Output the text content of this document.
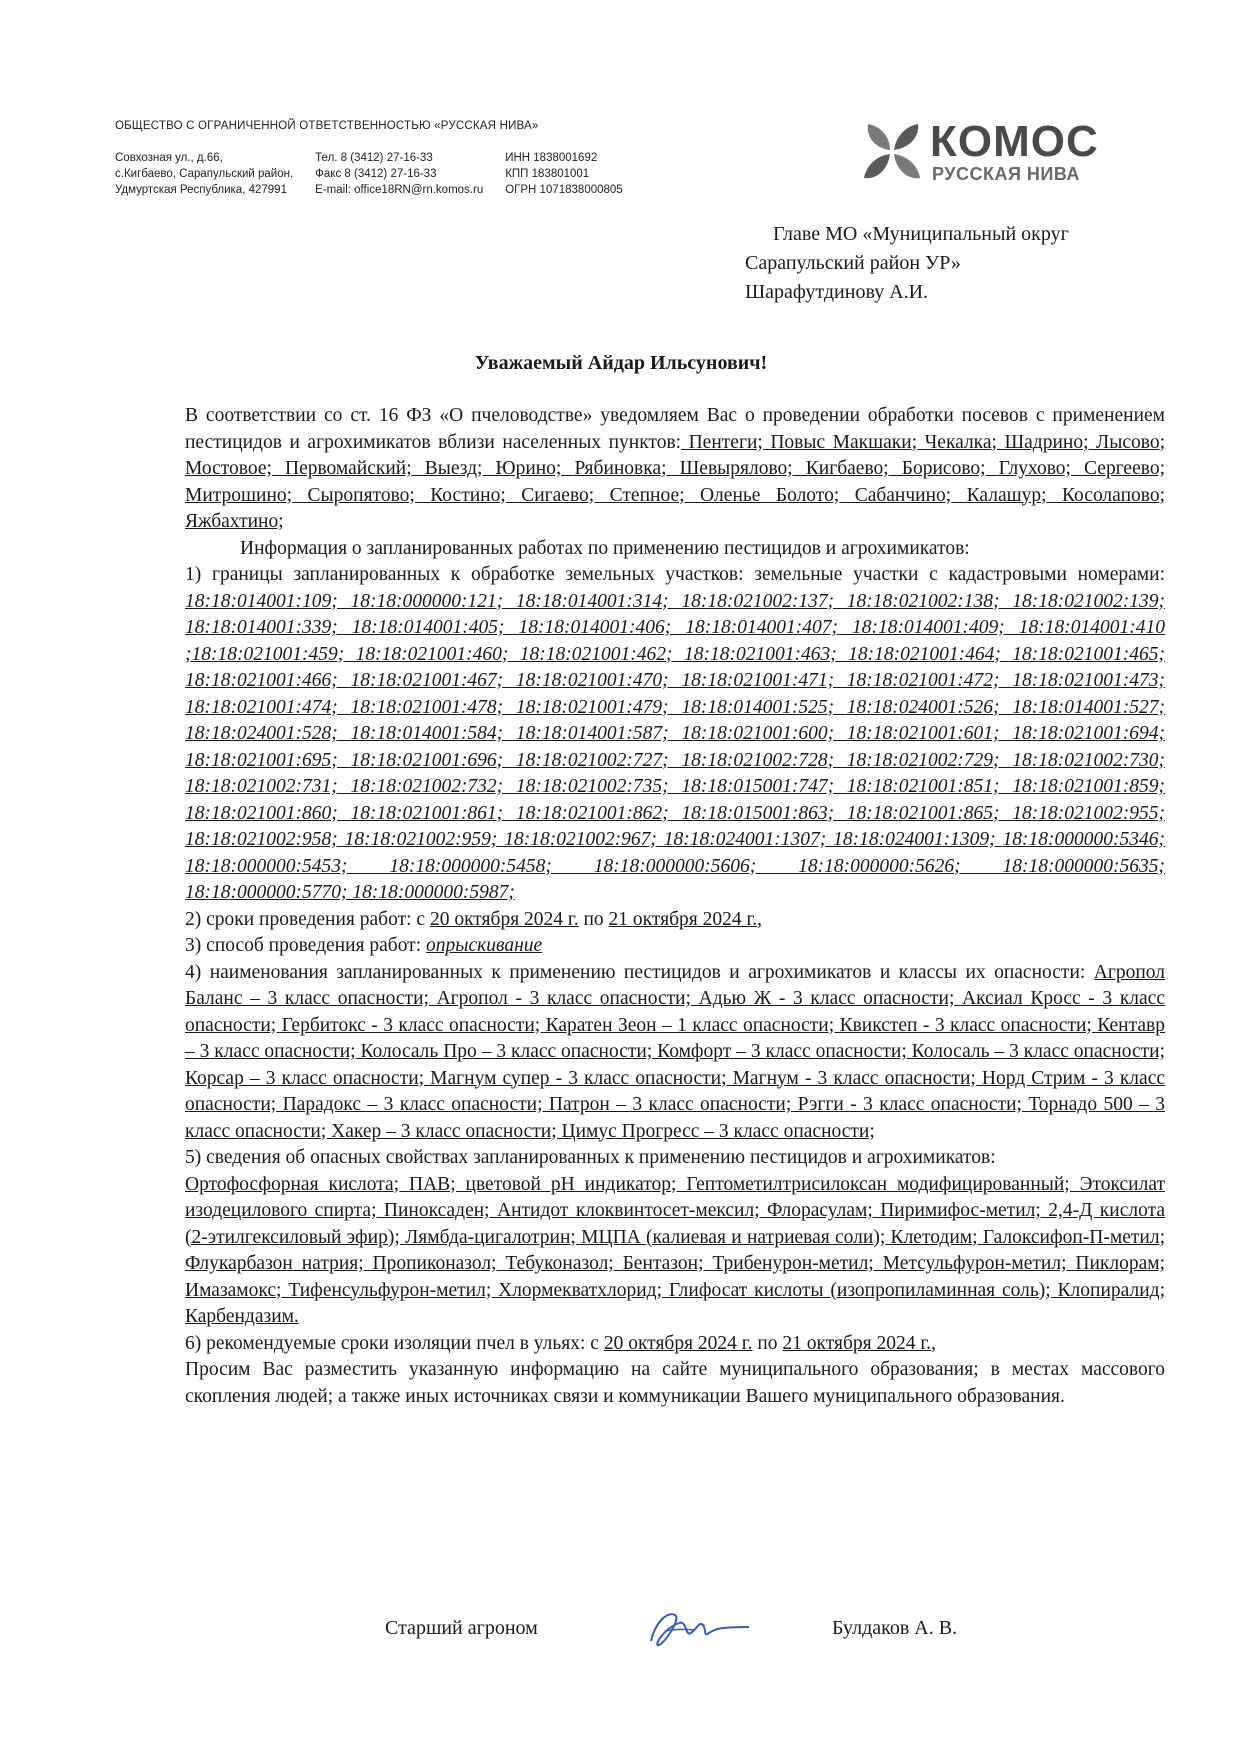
ОБЩЕСТВО С ОГРАНИЧЕННОЙ ОТВЕТСТВЕННОСТЬЮ «РУССКАЯ НИВА»
Совхозная ул., д.66,
с.Кигбаево, Сарапульский район,
Удмуртская Республика, 427991
Тел. 8 (3412) 27-16-33
Факс 8 (3412) 27-16-33
E-mail: office18RN@rn.komos.ru
ИНН 1838001692
КПП 183801001
ОГРН 1071838000805
КОМОС
РУССКАЯ НИВА
Главе МО «Муниципальный округ
Сарапульский район УР»
Шарафутдинову А.И.
Уважаемый Айдар Ильсунович!

В соответствии со ст. 16 ФЗ «О пчеловодстве» уведомляем Вас о проведении обработки посевов с применением пестицидов и агрохимикатов вблизи населенных пунктов: Пентеги; Повыс Макшаки; Чекалка; Шадрино; Лысово; Мостовое; Первомайский; Выезд; Юрино; Рябиновка; Шевырялово; Кигбаево; Борисово; Глухово; Сергеево; Митрошино; Сыропятово; Костино; Сигаево; Степное; Оленье Болото; Сабанчино; Калашур; Косолапово; Яжбахтино;

Информация о запланированных работах по применению пестицидов и агрохимикатов:

1) границы запланированных к обработке земельных участков: земельные участки с кадастровыми номерами: 18:18:014001:109; 18:18:000000:121; 18:18:014001:314; 18:18:021002:137; 18:18:021002:138; 18:18:021002:139; 18:18:014001:339; 18:18:014001:405; 18:18:014001:406; 18:18:014001:407; 18:18:014001:409; 18:18:014001:410 ;18:18:021001:459; 18:18:021001:460; 18:18:021001:462; 18:18:021001:463; 18:18:021001:464; 18:18:021001:465; 18:18:021001:466; 18:18:021001:467; 18:18:021001:470; 18:18:021001:471; 18:18:021001:472; 18:18:021001:473; 18:18:021001:474; 18:18:021001:478; 18:18:021001:479; 18:18:014001:525; 18:18:024001:526; 18:18:014001:527; 18:18:024001:528; 18:18:014001:584; 18:18:014001:587; 18:18:021001:600; 18:18:021001:601; 18:18:021001:694; 18:18:021001:695; 18:18:021001:696; 18:18:021002:727; 18:18:021002:728; 18:18:021002:729; 18:18:021002:730; 18:18:021002:731; 18:18:021002:732; 18:18:021002:735; 18:18:015001:747; 18:18:021001:851; 18:18:021001:859; 18:18:021001:860; 18:18:021001:861; 18:18:021001:862; 18:18:015001:863; 18:18:021001:865; 18:18:021002:955; 18:18:021002:958; 18:18:021002:959; 18:18:021002:967; 18:18:024001:1307; 18:18:024001:1309; 18:18:000000:5346; 18:18:000000:5453; 18:18:000000:5458; 18:18:000000:5606; 18:18:000000:5626; 18:18:000000:5635; 18:18:000000:5770; 18:18:000000:5987;

2) сроки проведения работ: с 20 октября 2024 г. по 21 октября 2024 г.,

3) способ проведения работ: опрыскивание

4) наименования запланированных к применению пестицидов и агрохимикатов и классы их опасности: Агропол Баланс – 3 класс опасности; Агропол - 3 класс опасности; Адью Ж - 3 класс опасности; Аксиал Кросс - 3 класс опасности; Гербитокс - 3 класс опасности; Каратен Зеон – 1 класс опасности; Квикстеп - 3 класс опасности; Кентавр – 3 класс опасности; Колосаль Про – 3 класс опасности; Комфорт – 3 класс опасности; Колосаль – 3 класс опасности; Корсар – 3 класс опасности; Магнум супер - 3 класс опасности; Магнум - 3 класс опасности; Норд Стрим - 3 класс опасности; Парадокс – 3 класс опасности; Патрон – 3 класс опасности; Рэгги - 3 класс опасности; Торнадо 500 – 3 класс опасности; Хакер – 3 класс опасности; Цимус Прогресс – 3 класс опасности;

5) сведения об опасных свойствах запланированных к применению пестицидов и агрохимикатов:

Ортофосфорная кислота; ПАВ; цветовой pH индикатор; Гептометилтрисилоксан модифицированный; Этоксилат изодецилового спирта; Пиноксаден; Антидот клоквинтосет-мексил; Флорасулам; Пиримифос-метил; 2,4-Д кислота (2-этилгексиловый эфир); Лямбда-цигалотрин; МЦПА (калиевая и натриевая соли); Клетодим; Галоксифоп-П-метил; Флукарбазон натрия; Пропиконазол; Тебуконазол; Бентазон; Трибенурон-метил; Метсульфурон-метил; Пиклорам; Имазамокс; Тифенсульфурон-метил; Хлормекватхлорид; Глифосат кислоты (изопропиламинная соль); Клопиралид; Карбендазим.

6) рекомендуемые сроки изоляции пчел в ульях: с 20 октября 2024 г. по 21 октября 2024 г.,

Просим Вас разместить указанную информацию на сайте муниципального образования; в местах массового скопления людей; а также иных источниках связи и коммуникации Вашего муниципального образования.

Старший агроном	Булдаков А. В.
